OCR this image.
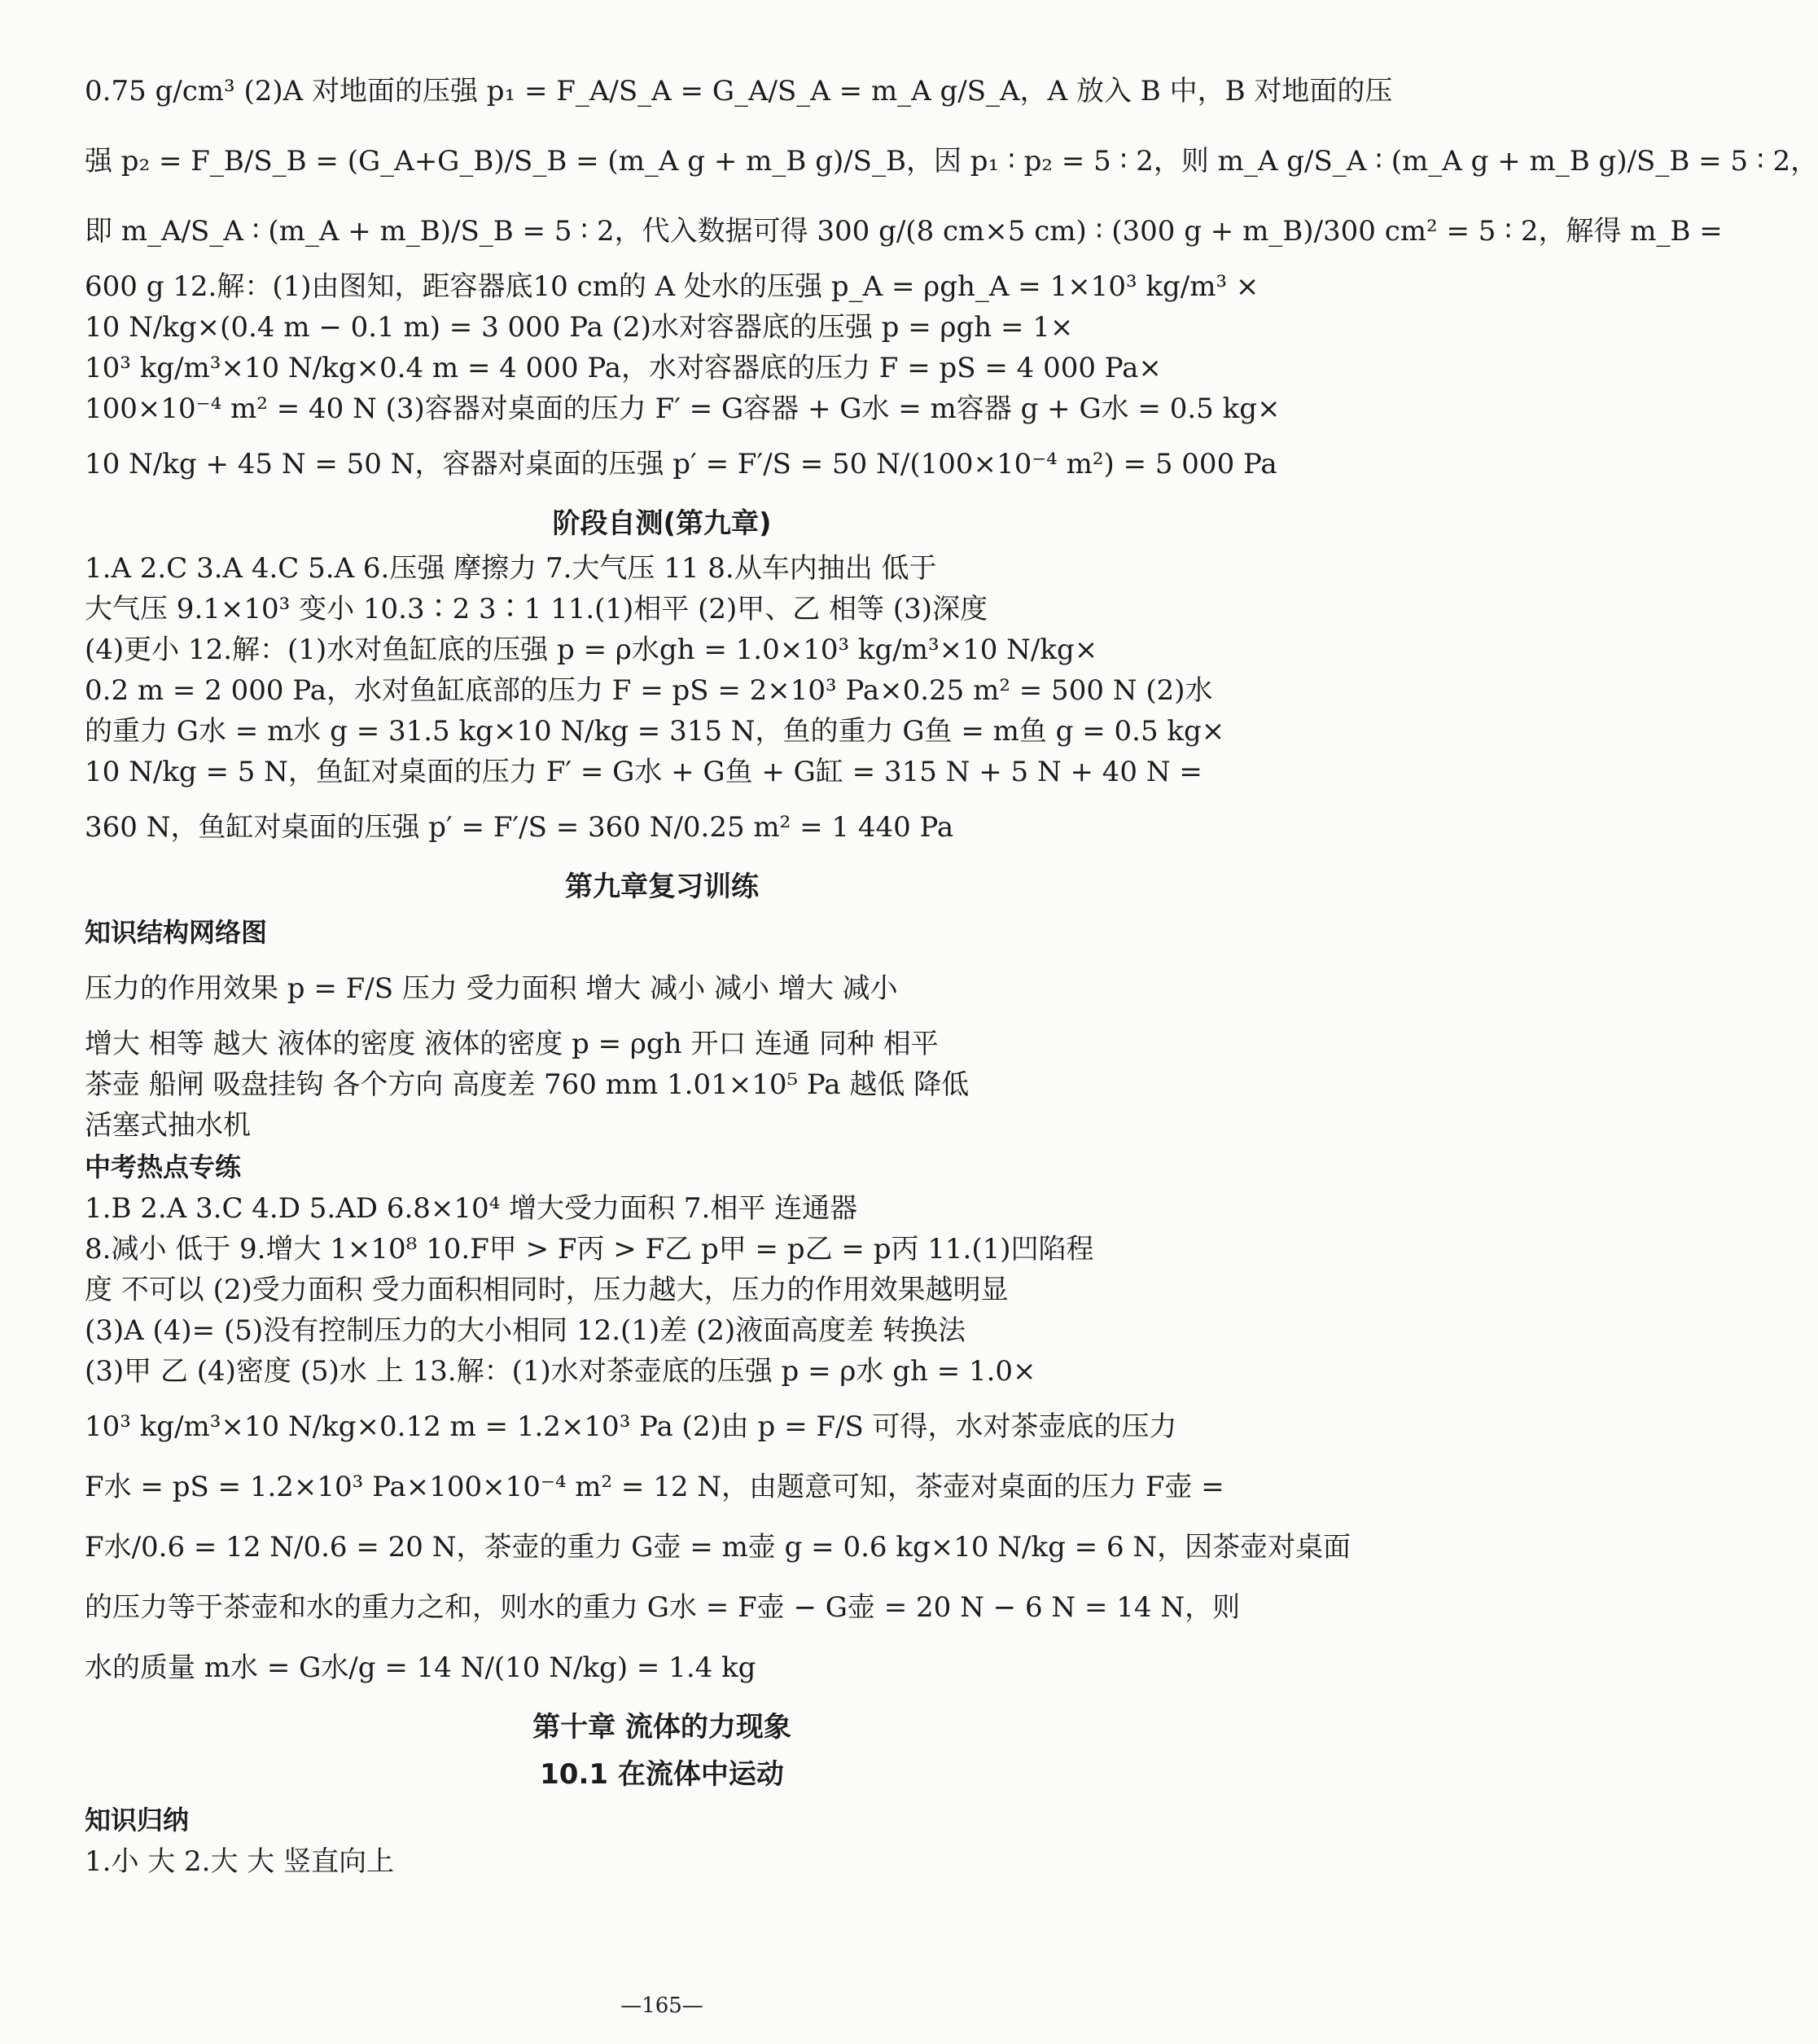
0.75 g/cm³ (2)A 对地面的压强 p₁ = F_A/S_A = G_A/S_A = m_A g/S_A，A 放入 B 中，B 对地面的压
强 p₂ = F_B/S_B = (G_A+G_B)/S_B = (m_A g + m_B g)/S_B，因 p₁ ∶ p₂ = 5 ∶ 2，则 m_A g/S_A ∶ (m_A g + m_B g)/S_B = 5 ∶ 2，
即 m_A/S_A ∶ (m_A + m_B)/S_B = 5 ∶ 2，代入数据可得 300 g/(8 cm×5 cm) ∶ (300 g + m_B)/300 cm² = 5 ∶ 2，解得 m_B =
600 g 12.解：(1)由图知，距容器底10 cm的 A 处水的压强 p_A = ρgh_A = 1×10³ kg/m³ ×
10 N/kg×(0.4 m − 0.1 m) = 3 000 Pa (2)水对容器底的压强 p = ρgh = 1×
10³ kg/m³×10 N/kg×0.4 m = 4 000 Pa，水对容器底的压力 F = pS = 4 000 Pa×
100×10⁻⁴ m² = 40 N (3)容器对桌面的压力 F′ = G容器 + G水 = m容器 g + G水 = 0.5 kg×
10 N/kg + 45 N = 50 N，容器对桌面的压强 p′ = F′/S = 50 N/(100×10⁻⁴ m²) = 5 000 Pa
阶段自测(第九章)
1.A 2.C 3.A 4.C 5.A 6.压强 摩擦力 7.大气压 11 8.从车内抽出 低于
大气压 9.1×10³ 变小 10.3∶2 3∶1 11.(1)相平 (2)甲、乙 相等 (3)深度
(4)更小 12.解：(1)水对鱼缸底的压强 p = ρ水gh = 1.0×10³ kg/m³×10 N/kg×
0.2 m = 2 000 Pa，水对鱼缸底部的压力 F = pS = 2×10³ Pa×0.25 m² = 500 N (2)水
的重力 G水 = m水 g = 31.5 kg×10 N/kg = 315 N，鱼的重力 G鱼 = m鱼 g = 0.5 kg×
10 N/kg = 5 N，鱼缸对桌面的压力 F′ = G水 + G鱼 + G缸 = 315 N + 5 N + 40 N =
360 N，鱼缸对桌面的压强 p′ = F′/S = 360 N/0.25 m² = 1 440 Pa
第九章复习训练
知识结构网络图
压力的作用效果 p = F/S 压力 受力面积 增大 减小 减小 增大 减小
增大 相等 越大 液体的密度 液体的密度 p = ρgh 开口 连通 同种 相平
茶壶 船闸 吸盘挂钩 各个方向 高度差 760 mm 1.01×10⁵ Pa 越低 降低
活塞式抽水机
中考热点专练
1.B 2.A 3.C 4.D 5.AD 6.8×10⁴ 增大受力面积 7.相平 连通器
8.减小 低于 9.增大 1×10⁸ 10.F甲 > F丙 > F乙 p甲 = p乙 = p丙 11.(1)凹陷程
度 不可以 (2)受力面积 受力面积相同时，压力越大，压力的作用效果越明显
(3)A (4)= (5)没有控制压力的大小相同 12.(1)差 (2)液面高度差 转换法
(3)甲 乙 (4)密度 (5)水 上 13.解：(1)水对茶壶底的压强 p = ρ水 gh = 1.0×
10³ kg/m³×10 N/kg×0.12 m = 1.2×10³ Pa (2)由 p = F/S 可得，水对茶壶底的压力
F水 = pS = 1.2×10³ Pa×100×10⁻⁴ m² = 12 N，由题意可知，茶壶对桌面的压力 F壶 =
F水/0.6 = 12 N/0.6 = 20 N，茶壶的重力 G壶 = m壶 g = 0.6 kg×10 N/kg = 6 N，因茶壶对桌面
的压力等于茶壶和水的重力之和，则水的重力 G水 = F壶 − G壶 = 20 N − 6 N = 14 N，则
水的质量 m水 = G水/g = 14 N/(10 N/kg) = 1.4 kg
第十章 流体的力现象
10.1 在流体中运动
知识归纳
1.小 大 2.大 大 竖直向上
—165—
